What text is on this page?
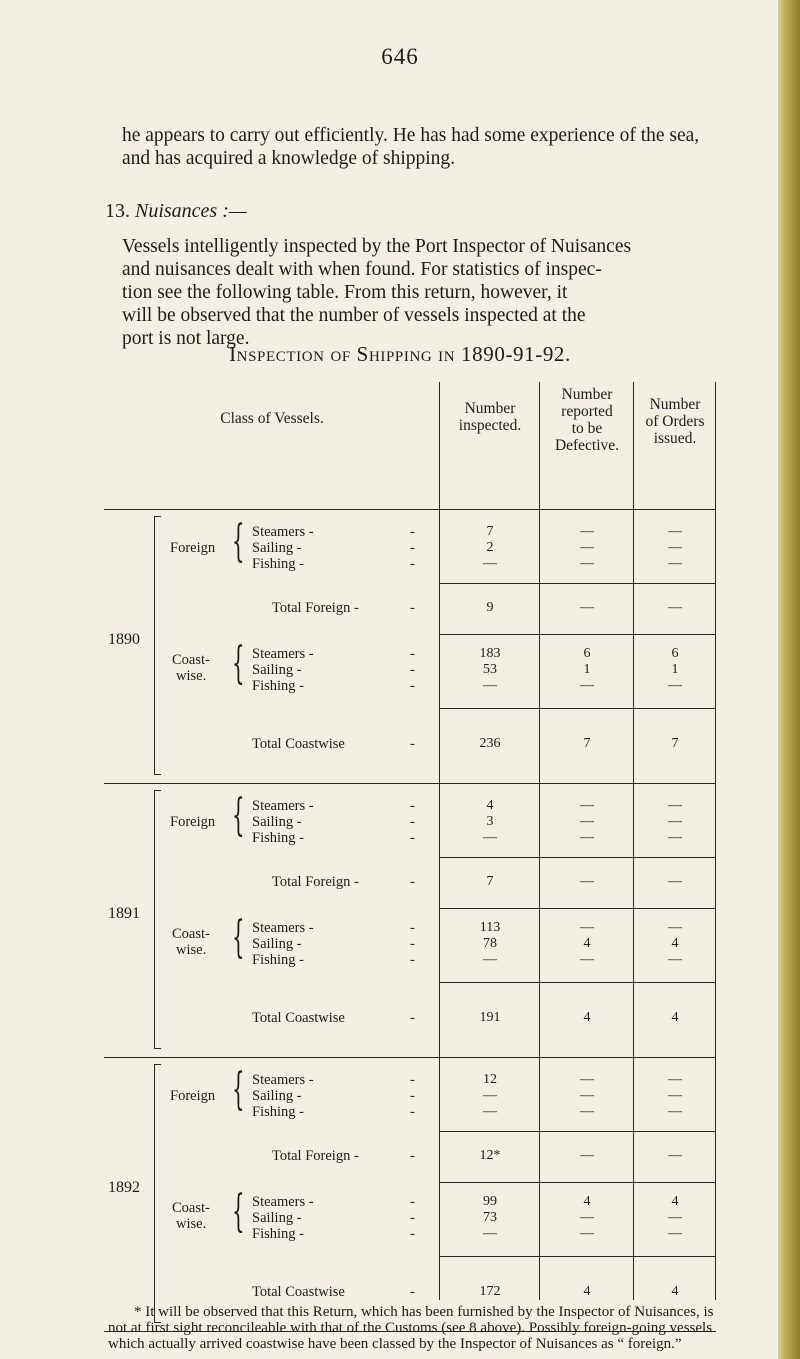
646
he appears to carry out efficiently. He has had some experience of the sea, and has acquired a knowledge of shipping.
13. Nuisances :—
Vessels intelligently inspected by the Port Inspector of Nuisances
and nuisances dealt with when found. For statistics of inspec-
tion see the following table. From this return, however, it
will be observed that the number of vessels inspected at the
port is not large.
Inspection of Shipping in 1890-91-92.
Class of Vessels.
Number
inspected.
Number
reported
to be
Defective.
Number
of Orders
issued.
1890
Foreign { Steamers -	-	7	—	—
Sailing -	-	2	—	—
Fishing -	-	—	—	—
Total Foreign -	-	9	—	—
Coast-
wise. { Steamers -	-	183	6	6
Sailing -	-	53	1	1
Fishing -	-	—	—	—
Total Coastwise	-	236	7	7
1891
Foreign { Steamers -	-	4	—	—
Sailing -	-	3	—	—
Fishing -	-	—	—	—
Total Foreign -	-	7	—	—
Coast-
wise. { Steamers -	-	113	—	—
Sailing -	-	78	4	4
Fishing -	-	—	—	—
Total Coastwise	-	191	4	4
1892
Foreign { Steamers -	-	12	—	—
Sailing -	-	—	—	—
Fishing -	-	—	—	—
Total Foreign -	-	12*	—	—
Coast-
wise. { Steamers -	-	99	4	4
Sailing -	-	73	—	—
Fishing -	-	—	—	—
Total Coastwise	-	172	4	4
* It will be observed that this Return, which has been furnished by the Inspector of Nuisances, is not at first sight reconcileable with that of the Customs (see 8 above). Possibly foreign-going vessels which actually arrived coastwise have been classed by the Inspector of Nuisances as “ foreign.”
